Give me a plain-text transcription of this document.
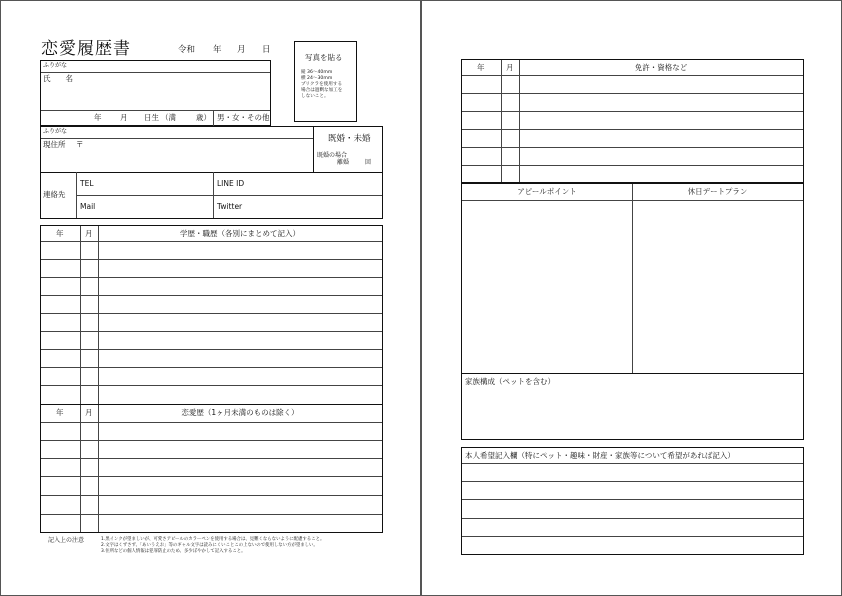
恋愛履歴書	令和 年 月 日
写真を貼る
縦 36～40mm
横 24～30mm
プリクラを使用する
場合は過剰な加工を
しないこと。
ふりがな
氏　　名
年 月 日生 （満	歳） 男・女・その他
ふりがな
現住所 〒
既婚・未婚
既婚の場合
離婚	回
連絡先
TEL	LINE ID
Mail	Twitter
年	月	学歴・職歴（各別にまとめて記入）
年	月	恋愛歴（1ヶ月未満のものは除く）
記入上の注意	1.黒インクが望ましいが、可愛さアピールのカラーペンを使用する場合は、見難くならないように配慮すること。
2.文字はくずさず、「あいうえお」等のギャル文字は読みにくいことこの上ないので使用しない方が望ましい。
3.住所などの個人情報は犯罪防止のため、多少ぼやかして記入すること。
年	月	免許・資格など
アピールポイント	休日デートプラン
家族構成（ペットを含む）
本人希望記入欄（特にペット・趣味・財産・家族等について希望があれば記入）
